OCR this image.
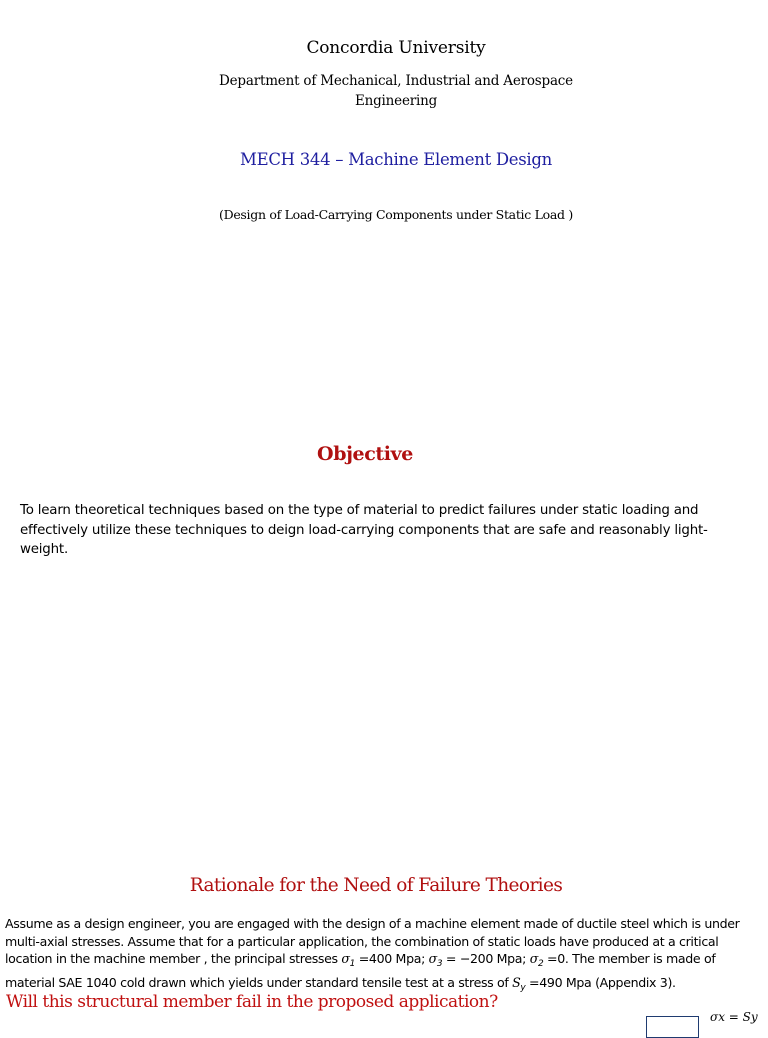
Concordia University
Department of Mechanical, Industrial and Aerospace Engineering
MECH 344 – Machine Element Design
(Design of Load-Carrying Components under Static Load )
Objective
To learn theoretical techniques based on the type of material to predict failures under static loading and effectively utilize these techniques to deign load-carrying components that are safe and reasonably light-weight.
Rationale for the Need of Failure Theories
Assume as a design engineer, you are engaged with the design of a machine element made of ductile steel which is under multi-axial stresses. Assume that for a particular application, the combination of static loads have produced at a critical location in the machine member , the principal stresses $\sigma_1 =400$ Mpa; $\sigma_3 = -200$ Mpa; $\sigma_2 =0$. The member is made of material SAE 1040 cold drawn which yields under standard tensile test at a stress of $S_y =490$ Mpa (Appendix 3).
Will this structural member fail in the proposed application?
σx = Sy
